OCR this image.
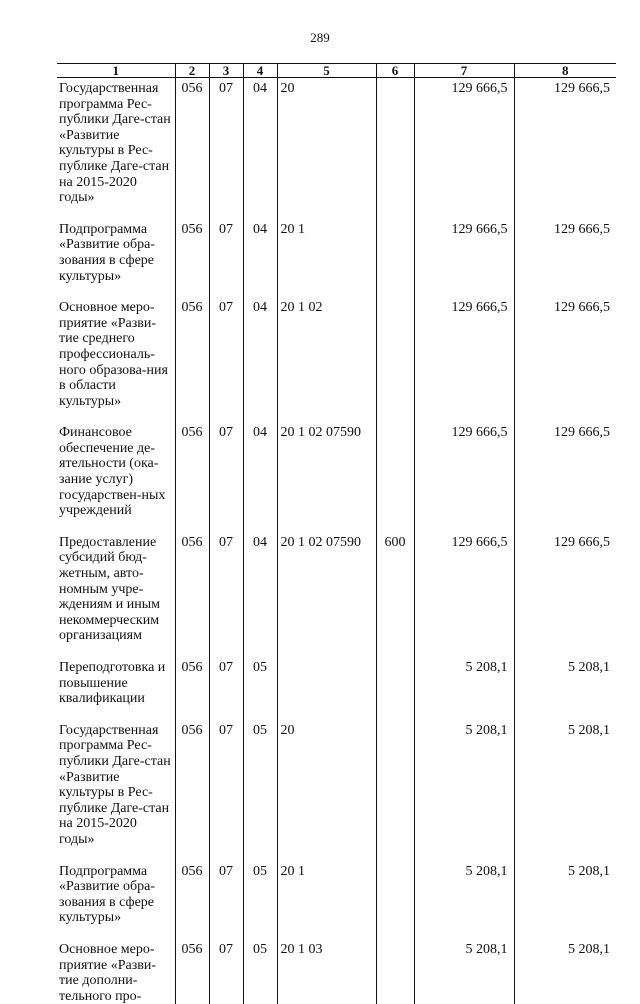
289
1	2	3	4	5	6	7	8
Государственная программа Рес-публики Даге-стан «Развитие культуры в Рес-публике Даге-стан на 2015-2020 годы»	056	07	04	20		129 666,5	129 666,5
Подпрограмма «Развитие обра-зования в сфере культуры»	056	07	04	20 1		129 666,5	129 666,5
Основное меро-приятие «Разви-тие среднего профессиональ-ного образова-ния в области культуры»	056	07	04	20 1 02		129 666,5	129 666,5
Финансовое обеспечение де-ятельности (ока-зание услуг) государствен-ных учреждений	056	07	04	20 1 02 07590		129 666,5	129 666,5
Предоставление субсидий бюд-жетным, авто-номным учре-ждениям и иным некоммерческим организациям	056	07	04	20 1 02 07590	600	129 666,5	129 666,5
Переподготовка и повышение квалификации	056	07	05			5 208,1	5 208,1
Государственная программа Рес-публики Даге-стан «Развитие культуры в Рес-публике Даге-стан на 2015-2020 годы»	056	07	05	20		5 208,1	5 208,1
Подпрограмма «Развитие обра-зования в сфере культуры»	056	07	05	20 1		5 208,1	5 208,1
Основное меро-приятие «Разви-тие дополни-тельного про-	056	07	05	20 1 03		5 208,1	5 208,1
